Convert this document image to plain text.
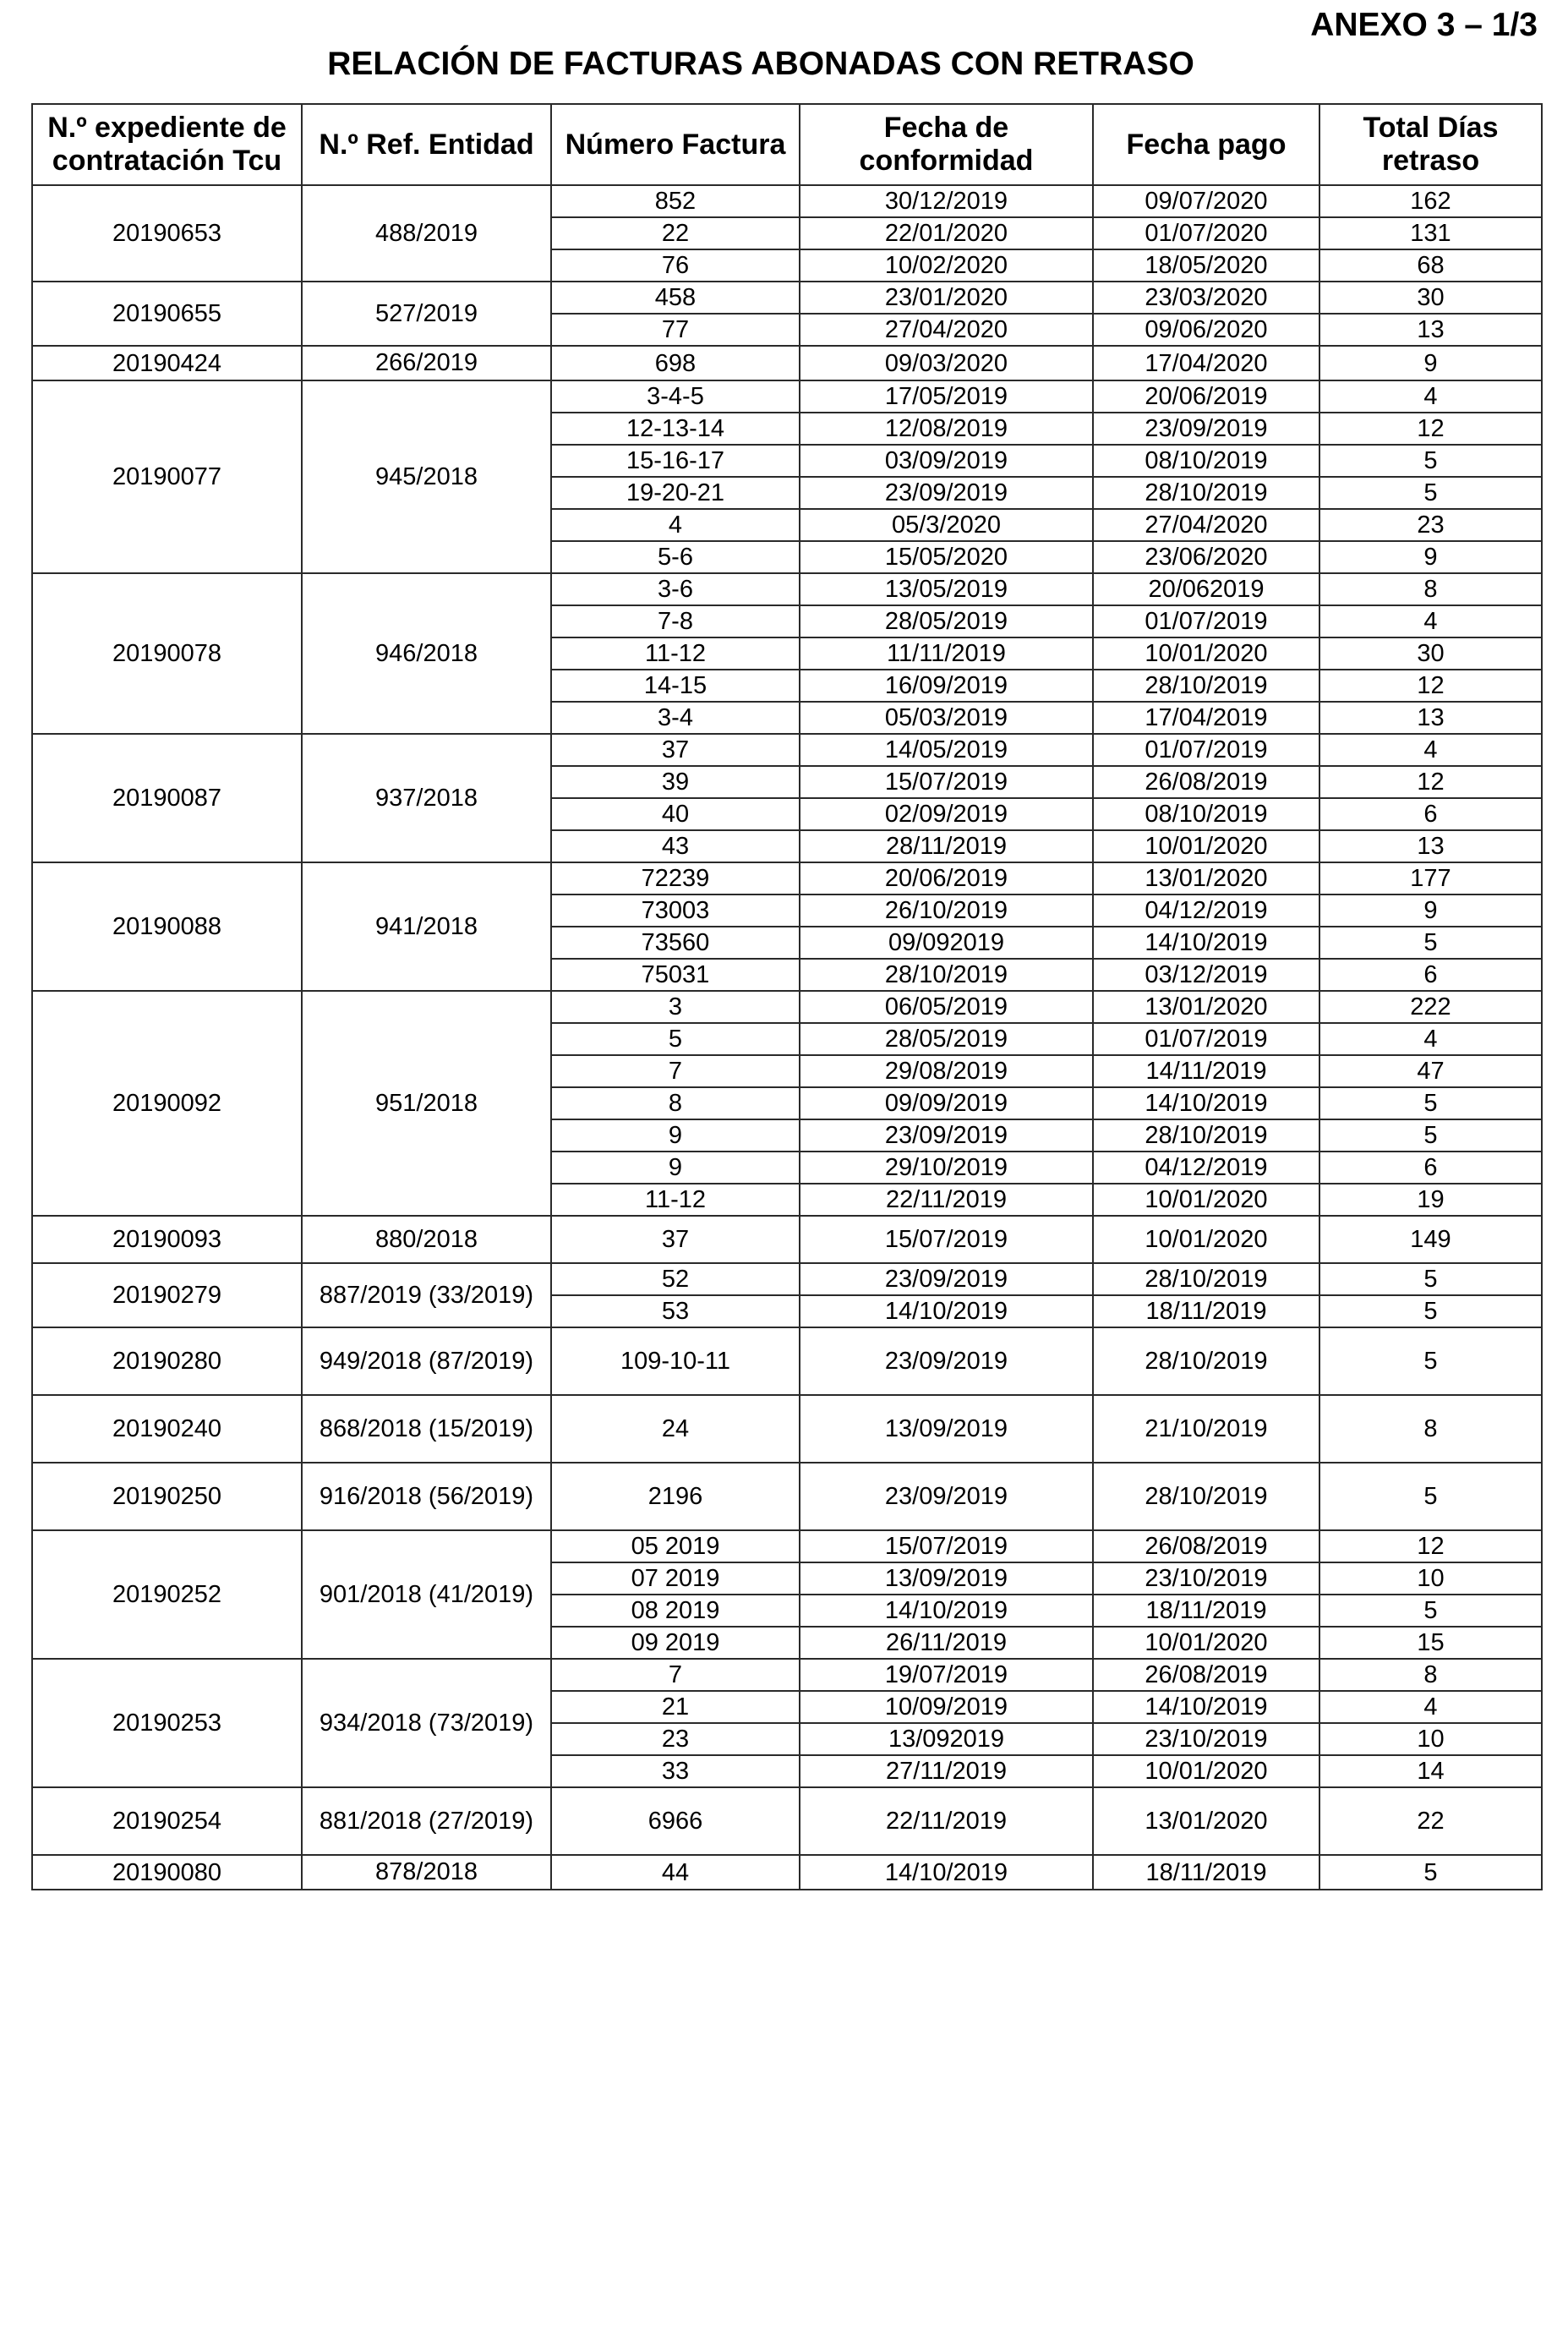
ANEXO 3 – 1/3
RELACIÓN DE FACTURAS ABONADAS CON RETRASO
N.º expediente de contratación Tcu	N.º Ref. Entidad	Número Factura	Fecha de conformidad	Fecha pago	Total Días retraso
20190653	488/2019	852	30/12/2019	09/07/2020	162
		22	22/01/2020	01/07/2020	131
		76	10/02/2020	18/05/2020	68
20190655	527/2019	458	23/01/2020	23/03/2020	30
		77	27/04/2020	09/06/2020	13
20190424	266/2019	698	09/03/2020	17/04/2020	9
20190077	945/2018	3-4-5	17/05/2019	20/06/2019	4
		12-13-14	12/08/2019	23/09/2019	12
		15-16-17	03/09/2019	08/10/2019	5
		19-20-21	23/09/2019	28/10/2019	5
		4	05/3/2020	27/04/2020	23
		5-6	15/05/2020	23/06/2020	9
20190078	946/2018	3-6	13/05/2019	20/062019	8
		7-8	28/05/2019	01/07/2019	4
		11-12	11/11/2019	10/01/2020	30
		14-15	16/09/2019	28/10/2019	12
		3-4	05/03/2019	17/04/2019	13
20190087	937/2018	37	14/05/2019	01/07/2019	4
		39	15/07/2019	26/08/2019	12
		40	02/09/2019	08/10/2019	6
		43	28/11/2019	10/01/2020	13
20190088	941/2018	72239	20/06/2019	13/01/2020	177
		73003	26/10/2019	04/12/2019	9
		73560	09/092019	14/10/2019	5
		75031	28/10/2019	03/12/2019	6
20190092	951/2018	3	06/05/2019	13/01/2020	222
		5	28/05/2019	01/07/2019	4
		7	29/08/2019	14/11/2019	47
		8	09/09/2019	14/10/2019	5
		9	23/09/2019	28/10/2019	5
		9	29/10/2019	04/12/2019	6
		11-12	22/11/2019	10/01/2020	19
20190093	880/2018	37	15/07/2019	10/01/2020	149
20190279	887/2019 (33/2019)	52	23/09/2019	28/10/2019	5
		53	14/10/2019	18/11/2019	5
20190280	949/2018 (87/2019)	109-10-11	23/09/2019	28/10/2019	5
20190240	868/2018 (15/2019)	24	13/09/2019	21/10/2019	8
20190250	916/2018 (56/2019)	2196	23/09/2019	28/10/2019	5
20190252	901/2018 (41/2019)	05 2019	15/07/2019	26/08/2019	12
		07 2019	13/09/2019	23/10/2019	10
		08 2019	14/10/2019	18/11/2019	5
		09 2019	26/11/2019	10/01/2020	15
20190253	934/2018 (73/2019)	7	19/07/2019	26/08/2019	8
		21	10/09/2019	14/10/2019	4
		23	13/092019	23/10/2019	10
		33	27/11/2019	10/01/2020	14
20190254	881/2018 (27/2019)	6966	22/11/2019	13/01/2020	22
20190080	878/2018	44	14/10/2019	18/11/2019	5
